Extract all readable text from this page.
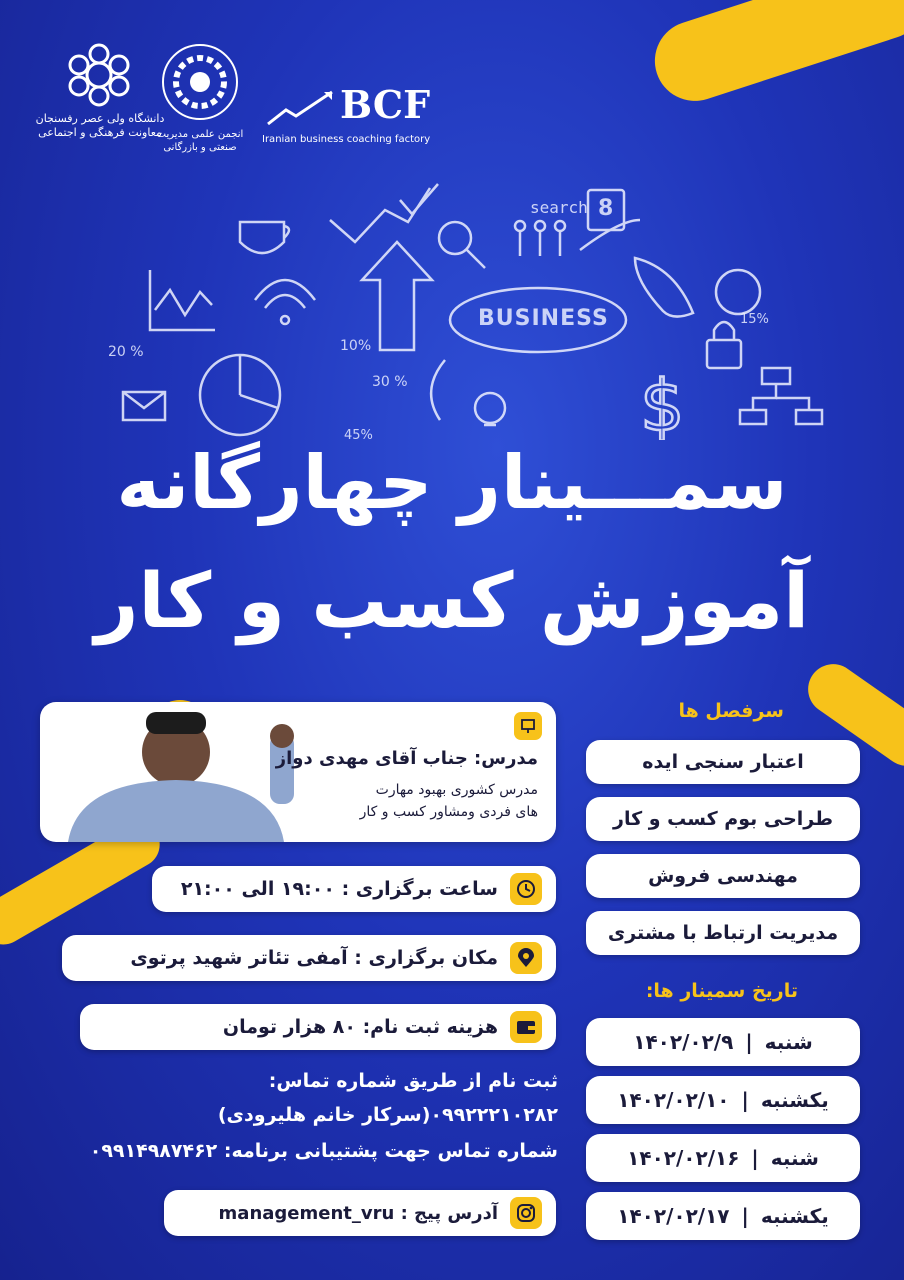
دانشگاه ولی عصر رفسنجان
معاونت فرهنگی و اجتماعی	انجمن علمی مدیریت
صنعتی و بازرگانی
BCF
Iranian business coaching factory
$
search 8
BUSINESS
20 %	10%
30 %
45%
15%
سمـــینار چهارگانه
آموزش کسب و کار
مدرس: جناب آقای مهدی دواز
مدرس کشوری بهبود مهارت
های فردی ومشاور کسب و کار
ساعت برگزاری : ۱۹:۰۰ الی ۲۱:۰۰
مکان برگزاری : آمفی تئاتر شهید پرتوی
هزینه ثبت نام: ۸۰ هزار تومان
ثبت نام از طریق شماره تماس:
۰۹۹۲۲۲۱۰۲۸۲(سرکار خانم هلیرودی)
شماره تماس جهت پشتیبانی برنامه: ۰۹۹۱۴۹۸۷۴۶۲
آدرس پیج : management_vru
سرفصل ها
اعتبار سنجی ایده
طراحی بوم کسب و کار
مهندسی فروش
مدیریت ارتباط با مشتری
تاریخ سمینار ها:
شنبه
|
۱۴۰۲/۰۲/۹
یکشنبه
|
۱۴۰۲/۰۲/۱۰
شنبه
|
۱۴۰۲/۰۲/۱۶
یکشنبه
|
۱۴۰۲/۰۲/۱۷
